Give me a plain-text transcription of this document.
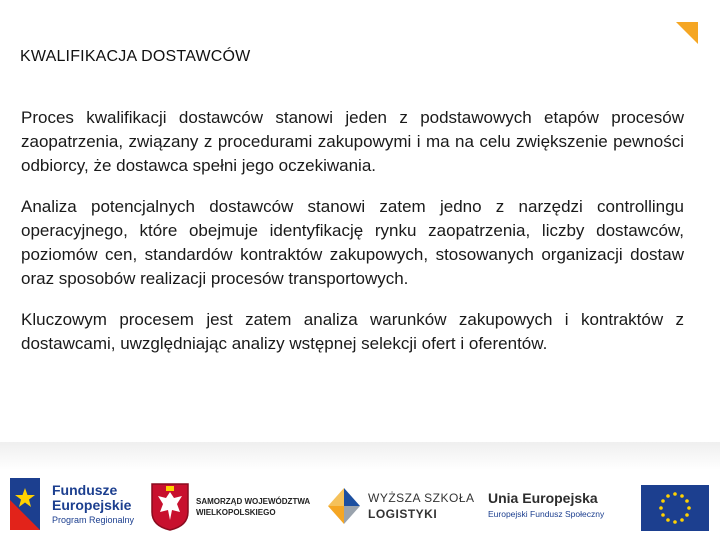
KWALIFIKACJA DOSTAWCÓW

Proces kwalifikacji dostawców stanowi jeden z podstawowych etapów procesów zaopatrzenia, związany z procedurami zakupowymi i ma na celu zwiększenie pewności odbiorcy, że dostawca spełni jego oczekiwania.

Analiza potencjalnych dostawców stanowi zatem jedno z narzędzi controllingu operacyjnego, które obejmuje identyfikację rynku zaopatrzenia, liczby dostawców, poziomów cen, standardów kontraktów zakupowych, stosowanych organizacji dostaw oraz sposobów realizacji procesów transportowych.

Kluczowym procesem jest zatem analiza warunków zakupowych i kontraktów z dostawcami, uwzględniając analizy wstępnej selekcji ofert i oferentów.

Fundusze
Europejskie
Program Regionalny
SAMORZĄD WOJEWÓDZTWA
WIELKOPOLSKIEGO
WYŻSZA SZKOŁA
LOGISTYKI
Unia Europejska
Europejski Fundusz Społeczny
